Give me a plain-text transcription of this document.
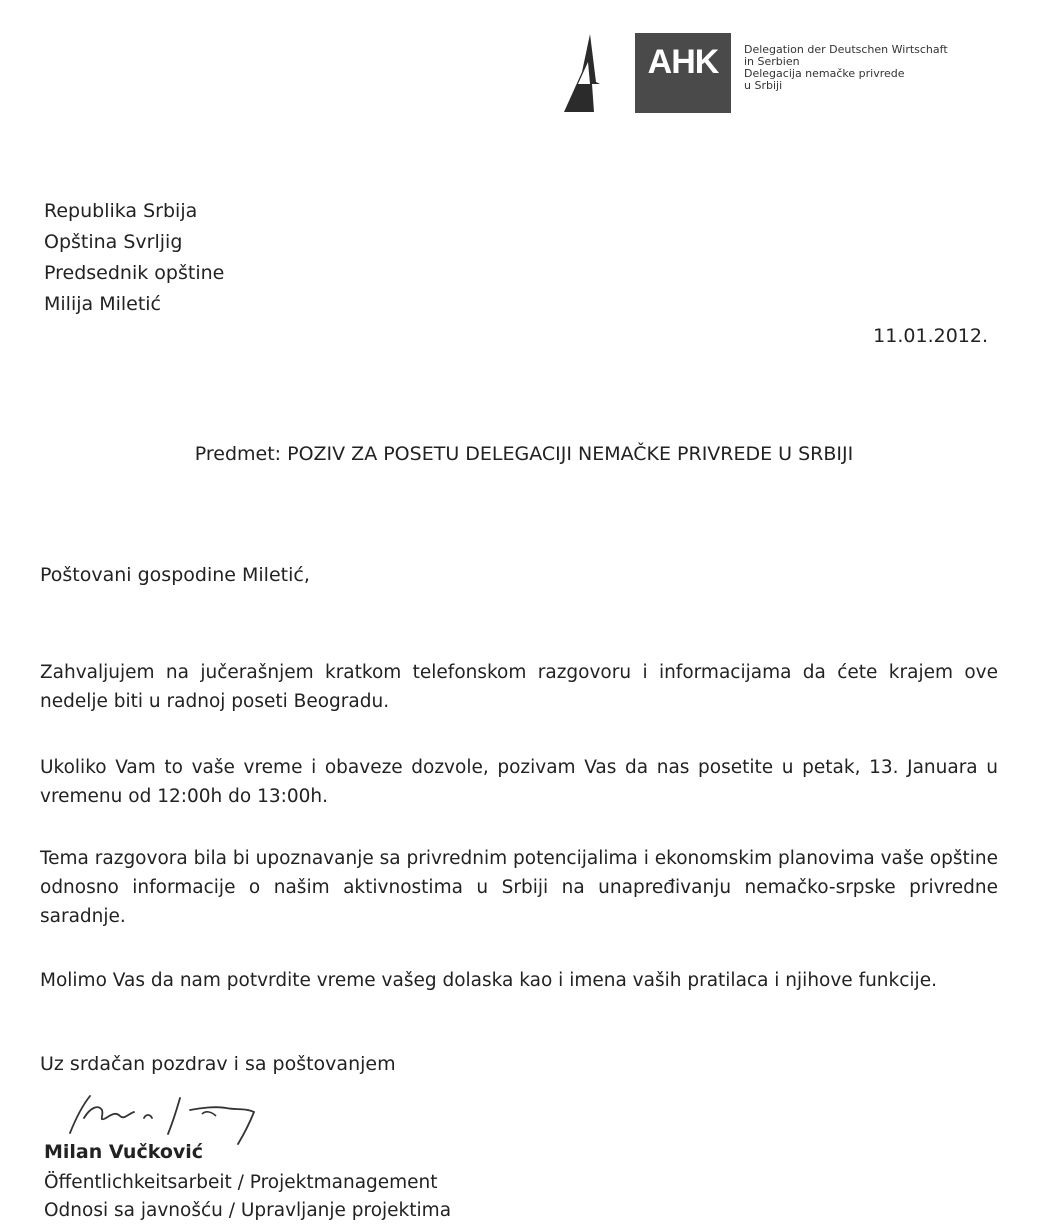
AHK	Delegation der Deutschen Wirtschaft
in Serbien
Delegacija nemačke privrede
u Srbiji
Republika Srbija
Opština Svrljig
Predsednik opštine
Milija Miletić
11.01.2012.
Predmet: POZIV ZA POSETU DELEGACIJI NEMAČKE PRIVREDE U SRBIJI
Poštovani gospodine Miletić,
Zahvaljujem na jučerašnjem kratkom telefonskom razgovoru i informacijama da ćete krajem ove nedelje biti u radnoj poseti Beogradu.
Ukoliko Vam to vaše vreme i obaveze dozvole, pozivam Vas da nas posetite u petak, 13. Januara u vremenu od 12:00h do 13:00h.
Tema razgovora bila bi upoznavanje sa privrednim potencijalima i ekonomskim planovima vaše opštine odnosno informacije o našim aktivnostima u Srbiji na unapređivanju nemačko-srpske privredne saradnje.
Molimo Vas da nam potvrdite vreme vašeg dolaska kao i imena vaših pratilaca i njihove funkcije.
Uz srdačan pozdrav i sa poštovanjem
Milan Vučković
Öffentlichkeitsarbeit / Projektmanagement
Odnosi sa javnošću / Upravljanje projektima
